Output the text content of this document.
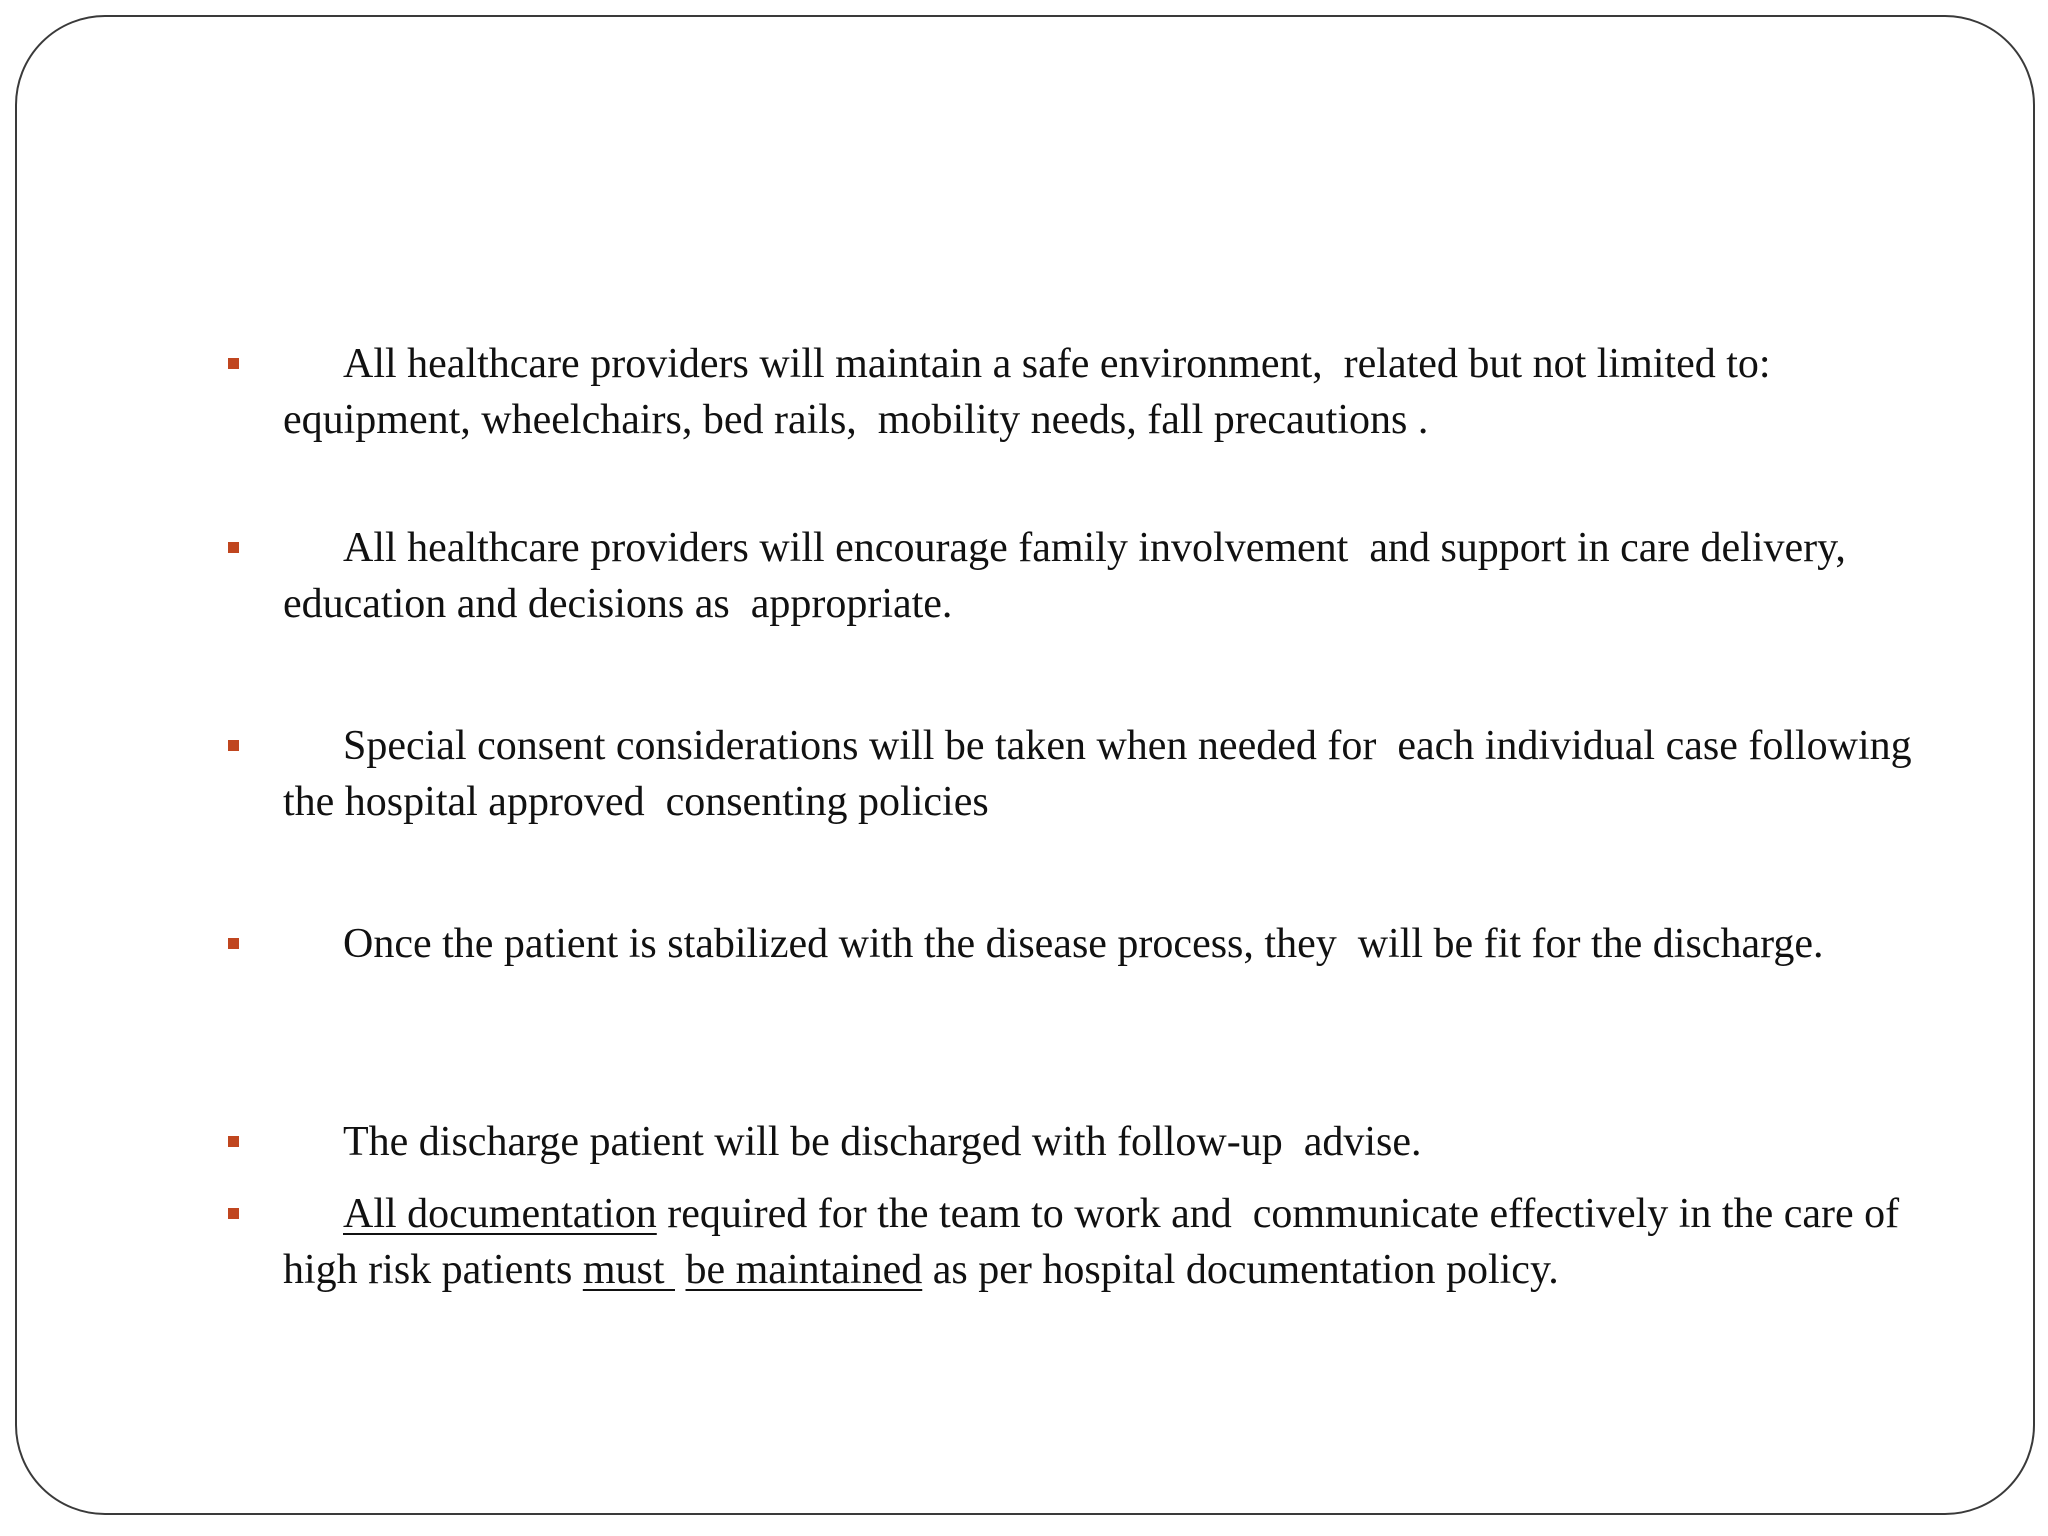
All healthcare providers will maintain a safe environment,  related but not limited to: equipment, wheelchairs, bed rails,  mobility needs, fall precautions .
All healthcare providers will encourage family involvement  and support in care delivery, education and decisions as  appropriate.
Special consent considerations will be taken when needed for  each individual case following the hospital approved  consenting policies
Once the patient is stabilized with the disease process, they  will be fit for the discharge.
The discharge patient will be discharged with follow-up  advise.
All documentation required for the team to work and  communicate effectively in the care of high risk patients must  be maintained as per hospital documentation policy.
